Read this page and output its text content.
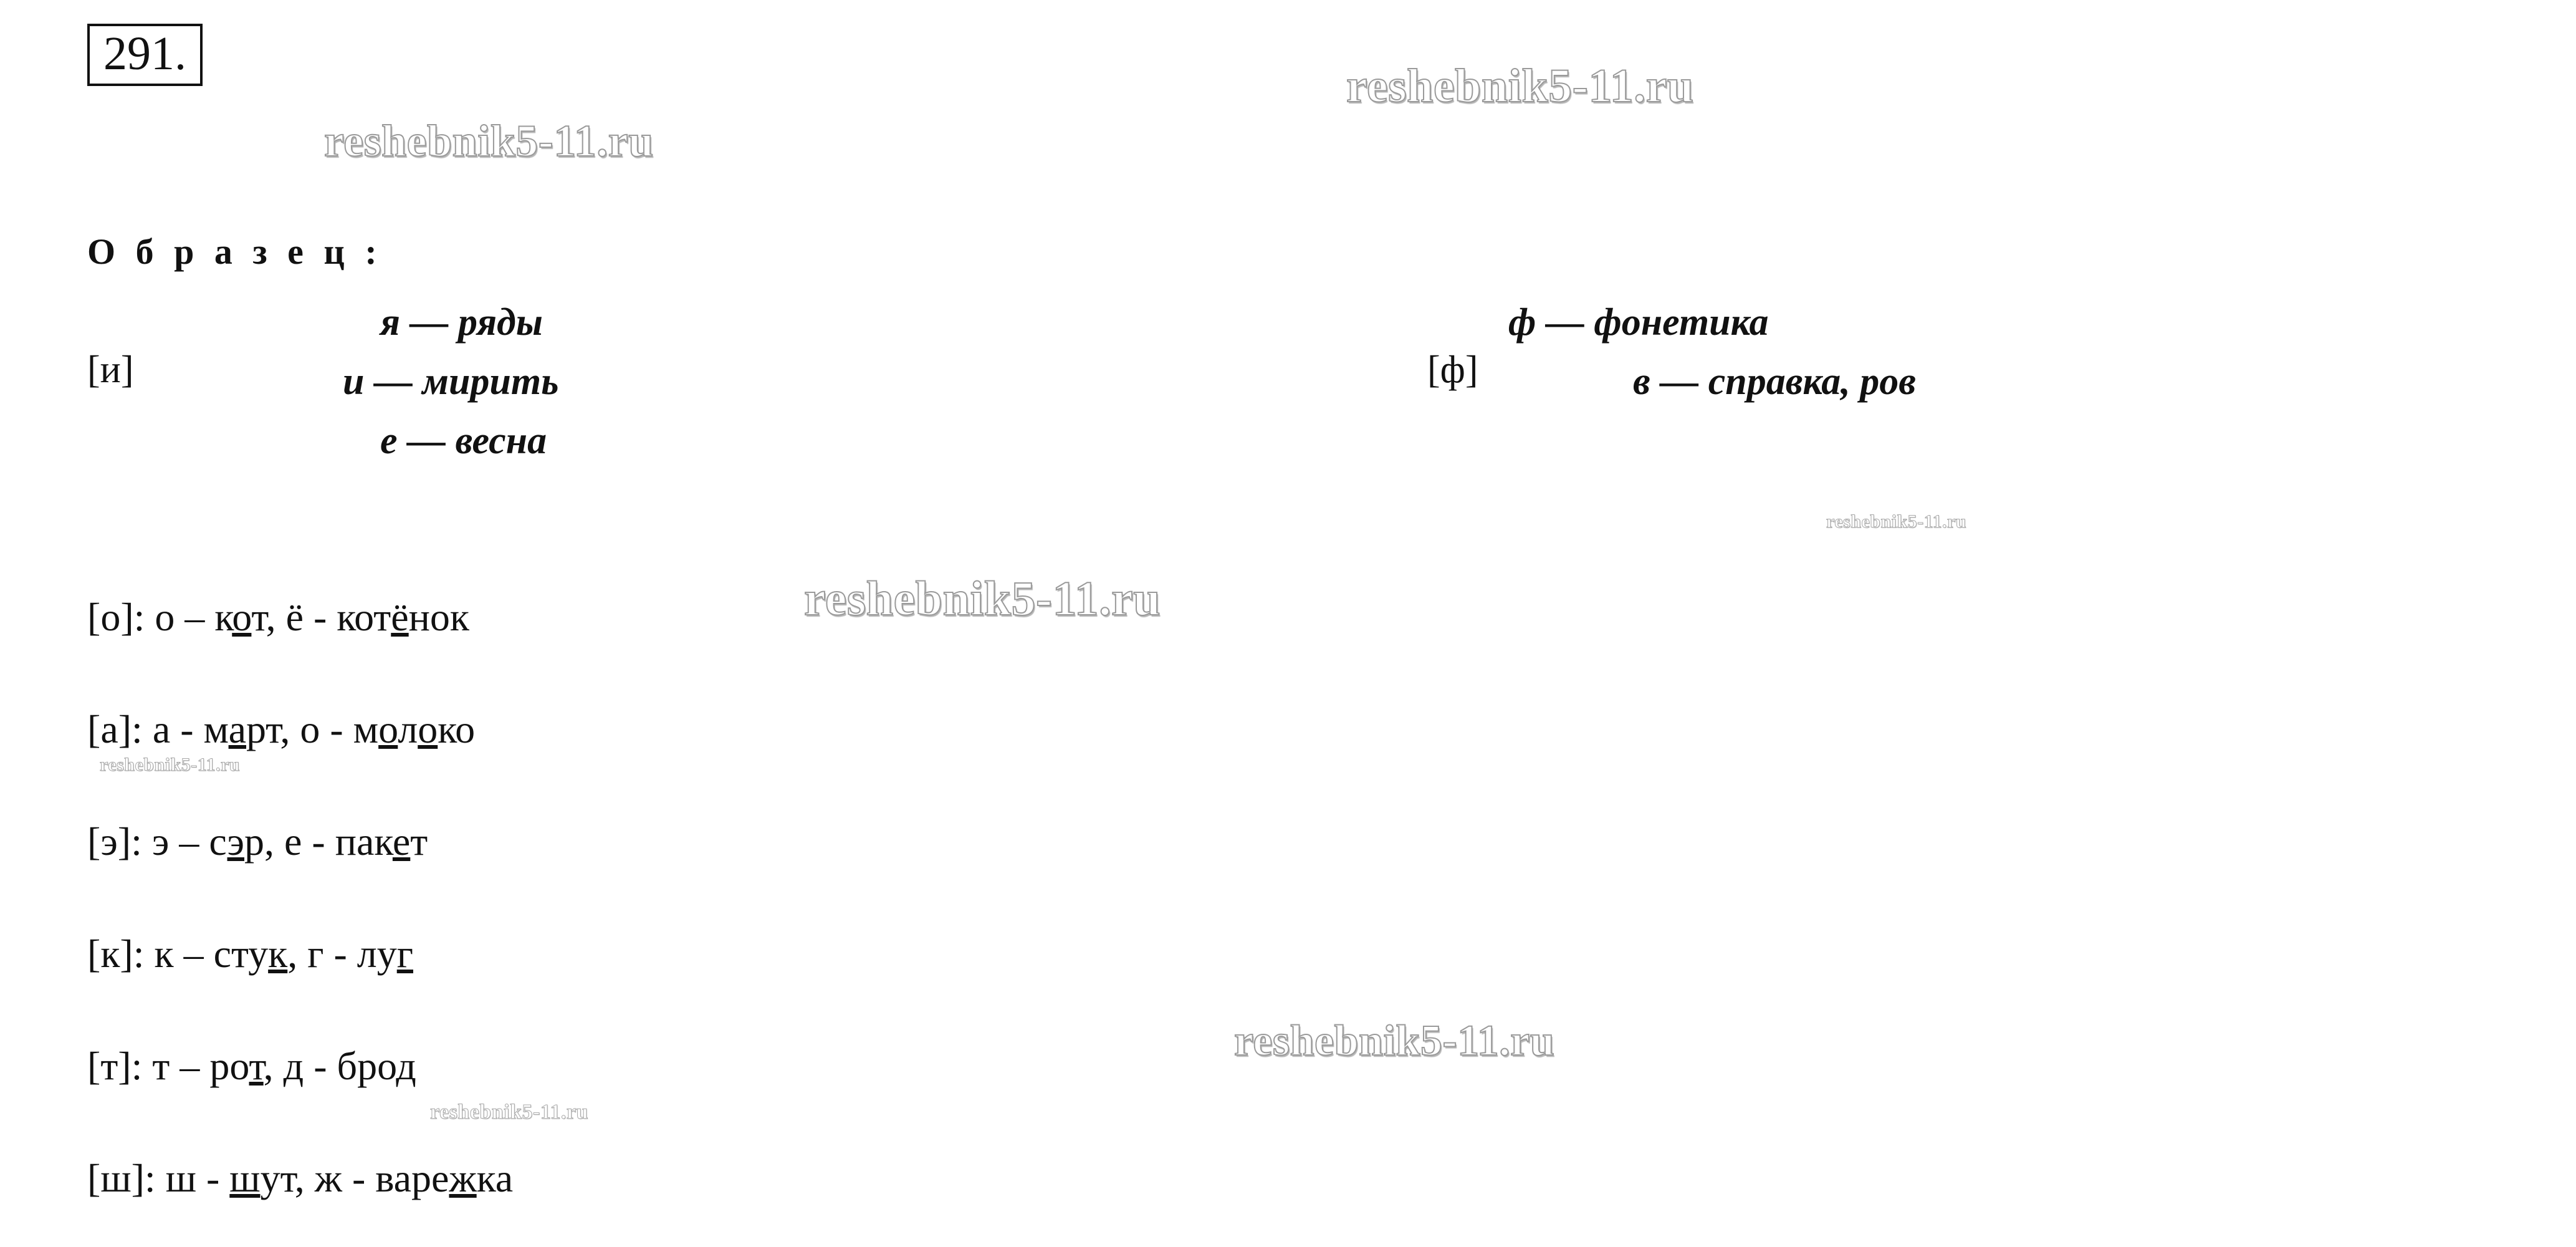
291.
reshebnik5-11.ru
reshebnik5-11.ru
reshebnik5-11.ru
reshebnik5-11.ru
reshebnik5-11.ru
reshebnik5-11.ru
reshebnik5-11.ru
О б р а з е ц :
[и]
я — ряды
и — мирить
е — весна
[ф]
ф — фонетика
в — справка, ров
[о]: о – кот, ё - котёнок
[а]: а - март, о - молоко
[э]: э – сэр, е - пакет
[к]: к – стук, г - луг
[т]: т – рот, д - брод
[ш]: ш - шут, ж - варежка
